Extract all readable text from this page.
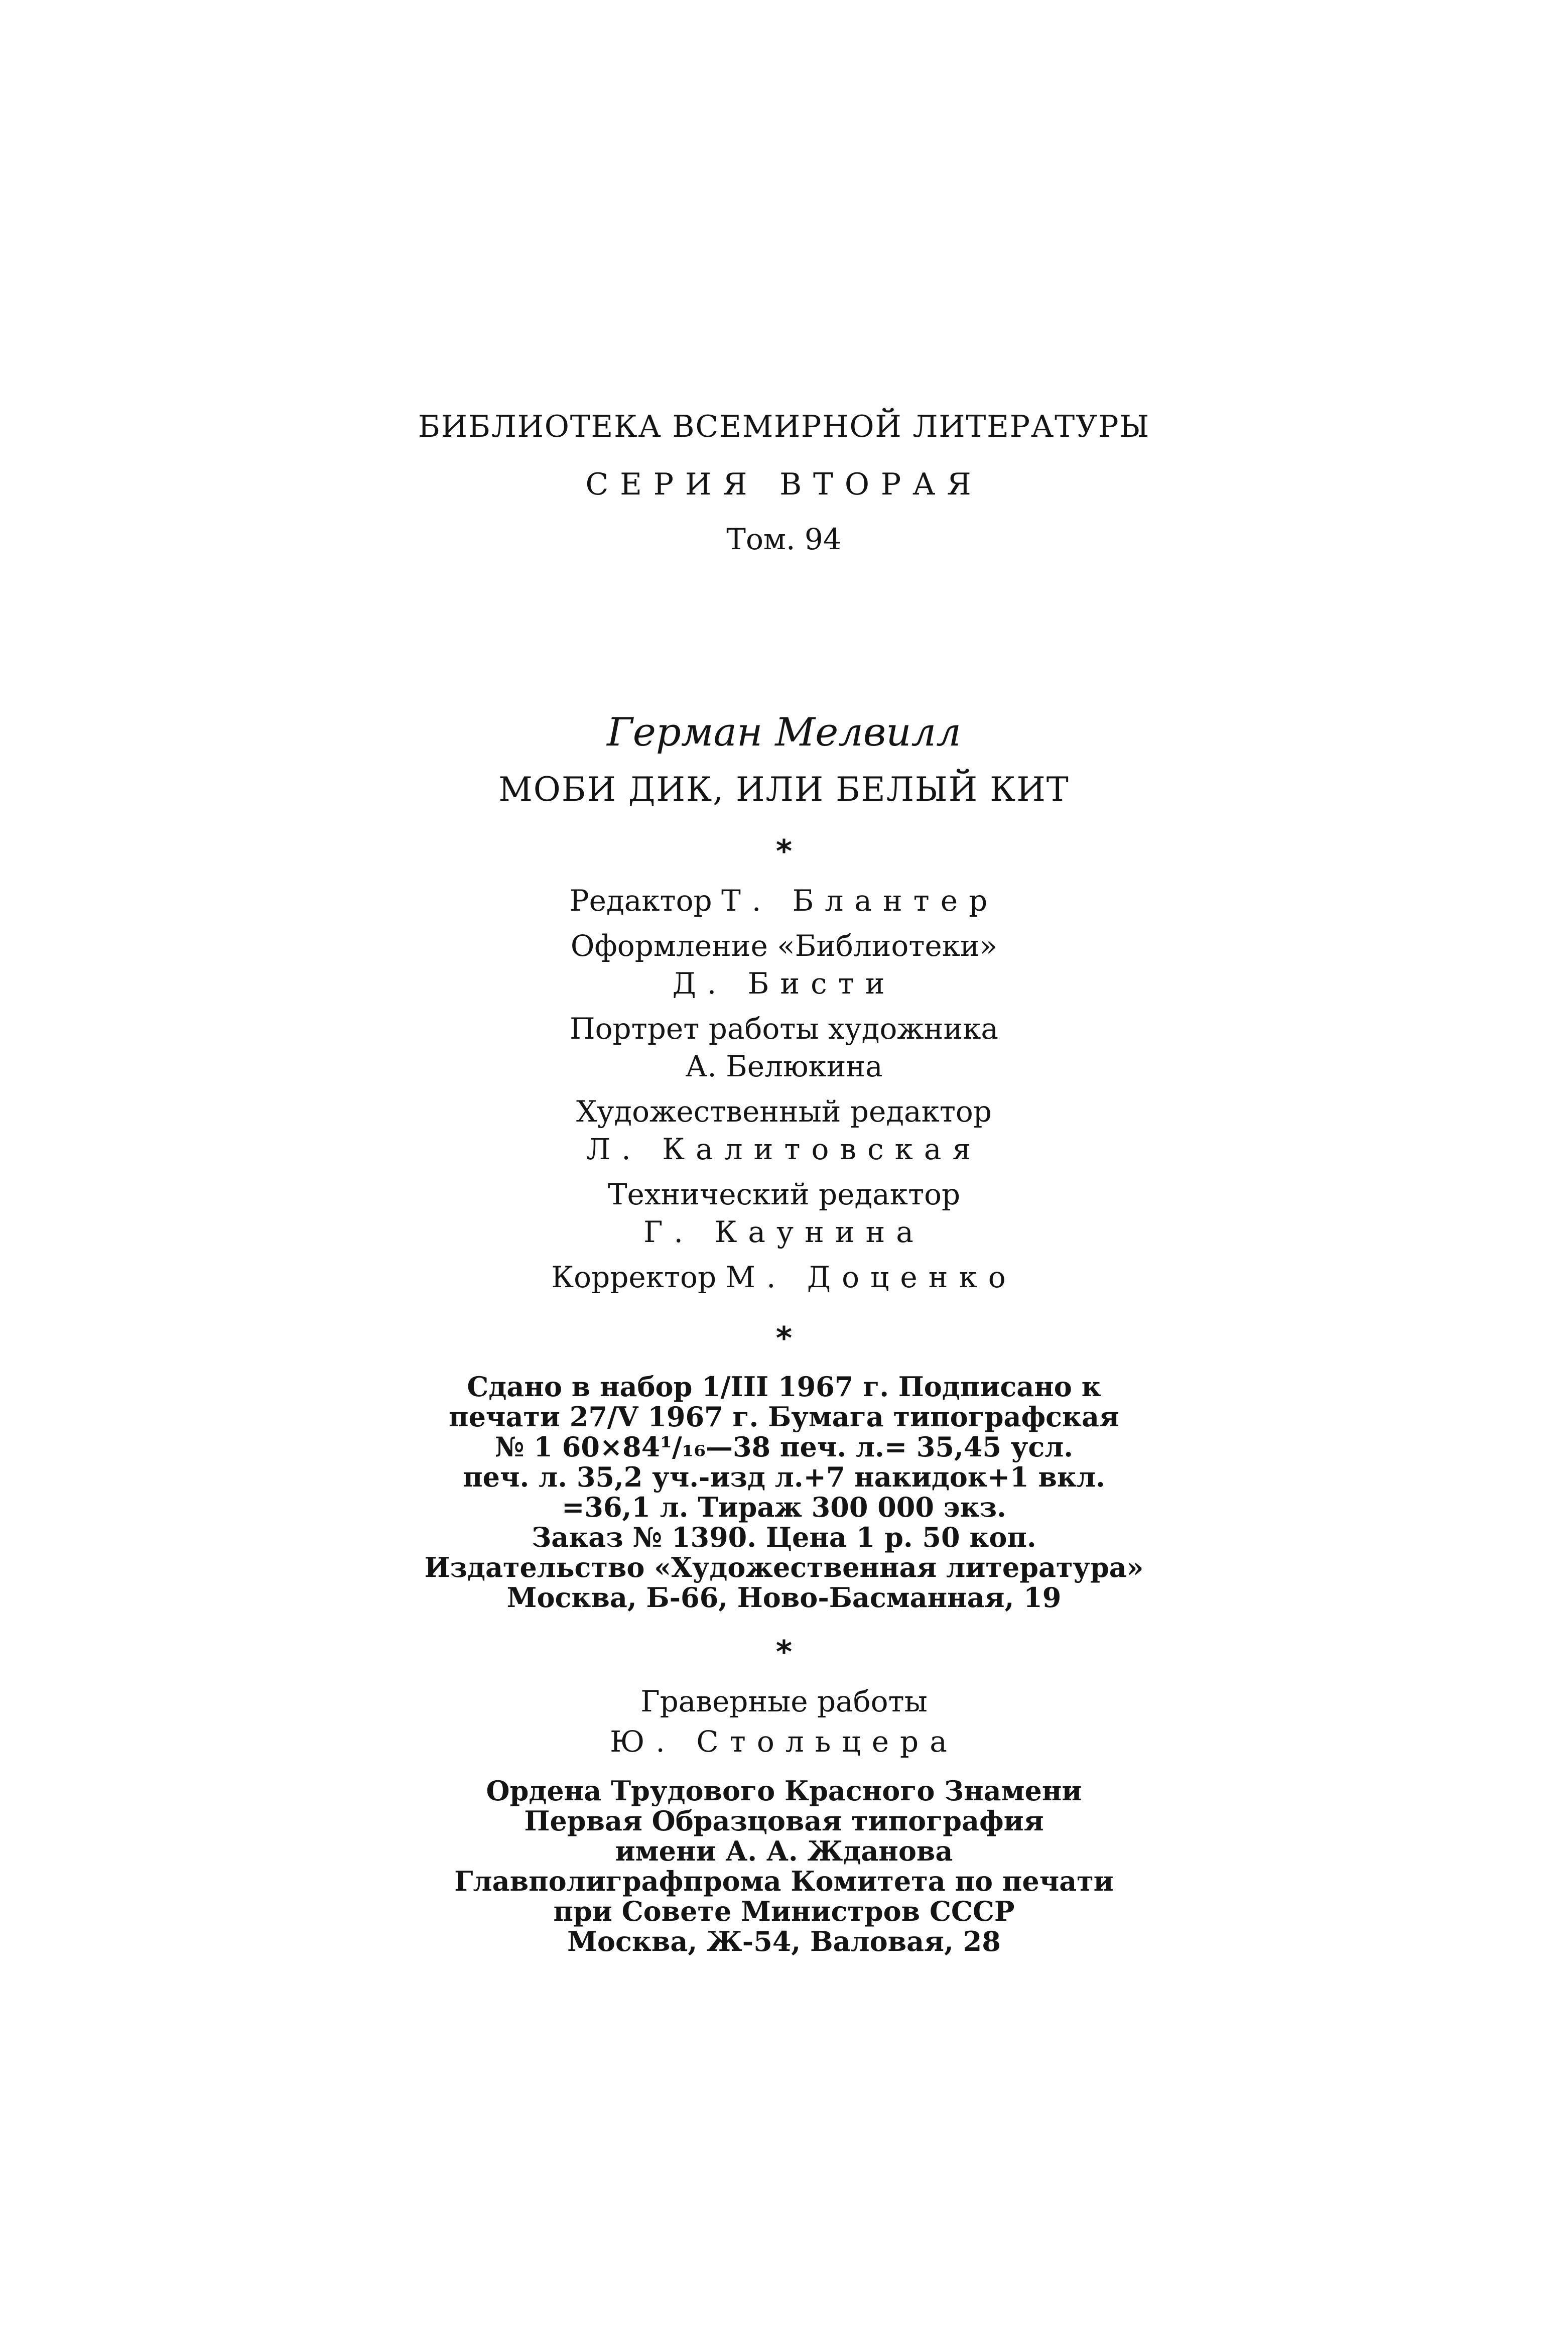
БИБЛИОТЕКА ВСЕМИРНОЙ ЛИТЕРАТУРЫ
СЕРИЯ ВТОРАЯ
Том. 94
Герман Мелвилл
МОБИ ДИК, ИЛИ БЕЛЫЙ КИТ
*
Редактор Т. Блантер
Оформление «Библиотеки»
Д. Бисти
Портрет работы художника
А. Белюкина
Художественный редактор
Л. Калитовская
Технический редактор
Г. Каунина
Корректор М. Доценко
*
Сдано в набор 1/III 1967 г. Подписано к
печати 27/V 1967 г. Бумага типографская
№ 1 60×84¹/₁₆—38 печ. л.= 35,45 усл.
печ. л. 35,2 уч.-изд л.+7 накидок+1 вкл.
=36,1 л. Тираж 300 000 экз.
Заказ № 1390. Цена 1 р. 50 коп.
Издательство «Художественная литература»
Москва, Б-66, Ново-Басманная, 19
*
Граверные работы
Ю. Стольцера
Ордена Трудового Красного Знамени
Первая Образцовая типография
имени А. А. Жданова
Главполиграфпрома Комитета по печати
при Совете Министров СССР
Москва, Ж-54, Валовая, 28
